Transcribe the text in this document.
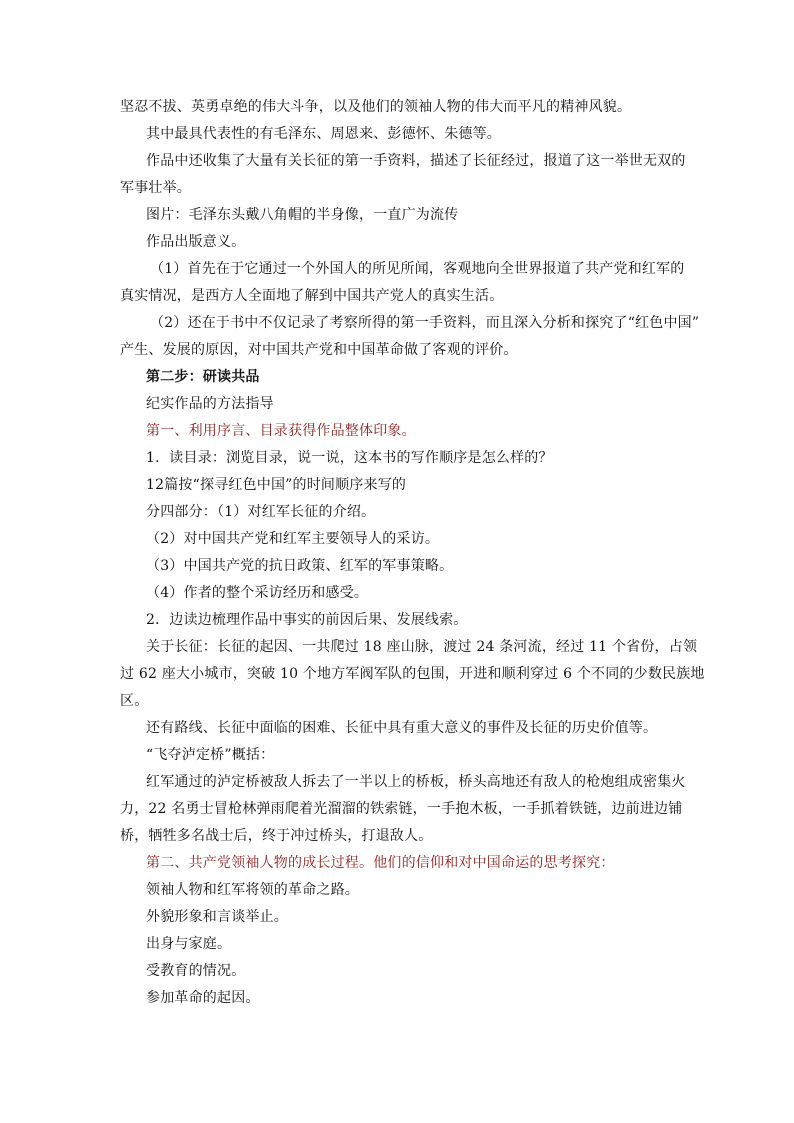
坚忍不拔、英勇卓绝的伟大斗争，以及他们的领袖人物的伟大而平凡的精神风貌。
其中最具代表性的有毛泽东、周恩来、彭德怀、朱德等。
作品中还收集了大量有关长征的第一手资料，描述了长征经过，报道了这一举世无双的
军事壮举。
图片：毛泽东头戴八角帽的半身像，一直广为流传
作品出版意义。
（1）首先在于它通过一个外国人的所见所闻，客观地向全世界报道了共产党和红军的
真实情况，是西方人全面地了解到中国共产党人的真实生活。
（2）还在于书中不仅记录了考察所得的第一手资料，而且深入分析和探究了“红色中国”
产生、发展的原因，对中国共产党和中国革命做了客观的评价。
第二步：研读共品
纪实作品的方法指导
第一、利用序言、目录获得作品整体印象。
1．读目录：浏览目录，说一说，这本书的写作顺序是怎么样的？
12篇按“探寻红色中国”的时间顺序来写的
分四部分：（1）对红军长征的介绍。
（2）对中国共产党和红军主要领导人的采访。
（3）中国共产党的抗日政策、红军的军事策略。
（4）作者的整个采访经历和感受。
2．边读边梳理作品中事实的前因后果、发展线索。
关于长征：长征的起因、一共爬过 18 座山脉，渡过 24 条河流，经过 11 个省份，占领
过 62 座大小城市，突破 10 个地方军阀军队的包围，开进和顺利穿过 6 个不同的少数民族地
区。
还有路线、长征中面临的困难、长征中具有重大意义的事件及长征的历史价值等。
“飞夺泸定桥”概括：
红军通过的泸定桥被敌人拆去了一半以上的桥板，桥头高地还有敌人的枪炮组成密集火
力，22 名勇士冒枪林弹雨爬着光溜溜的铁索链，一手抱木板，一手抓着铁链，边前进边铺
桥，牺牲多名战士后，终于冲过桥头，打退敌人。
第二、共产党领袖人物的成长过程。他们的信仰和对中国命运的思考探究：
领袖人物和红军将领的革命之路。
外貌形象和言谈举止。
出身与家庭。
受教育的情况。
参加革命的起因。
